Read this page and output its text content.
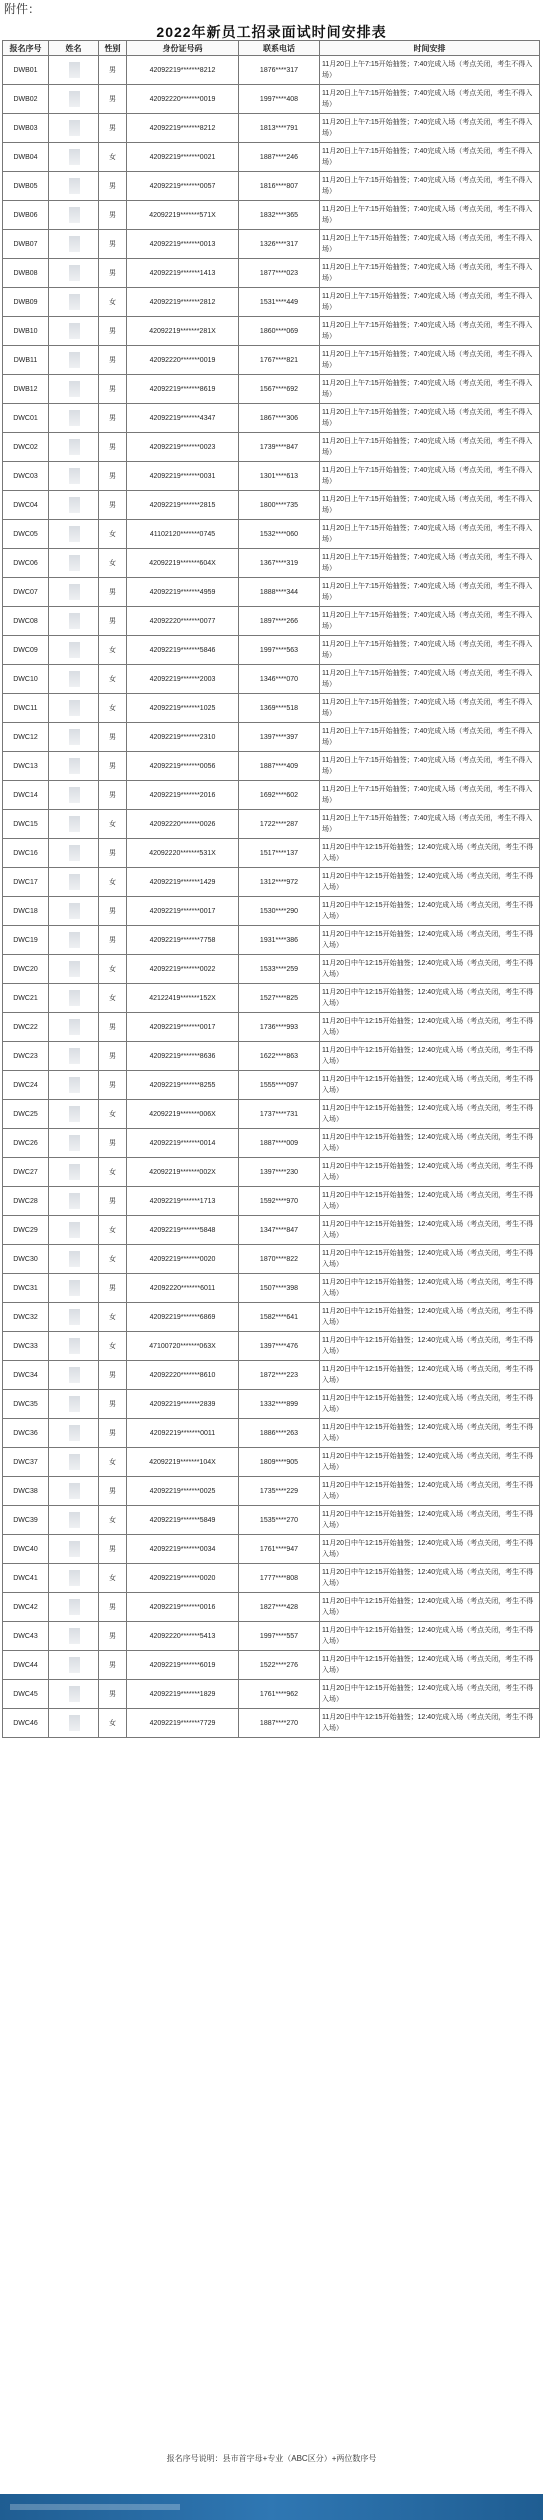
附件：
2022年新员工招录面试时间安排表
报名序号	姓名	性别	身份证号码	联系电话	时间安排
DWB01		男	42092219*******8212	1876****317	11月20日上午7:15开始抽签；7:40完成入场（考点关闭，考生不得入场）
DWB02		男	42092220*******0019	1997****408	11月20日上午7:15开始抽签；7:40完成入场（考点关闭，考生不得入场）
DWB03		男	42092219*******8212	1813****791	11月20日上午7:15开始抽签；7:40完成入场（考点关闭，考生不得入场）
DWB04		女	42092219*******0021	1887****246	11月20日上午7:15开始抽签；7:40完成入场（考点关闭，考生不得入场）
DWB05		男	42092219*******0057	1816****807	11月20日上午7:15开始抽签；7:40完成入场（考点关闭，考生不得入场）
DWB06		男	42092219*******571X	1832****365	11月20日上午7:15开始抽签；7:40完成入场（考点关闭，考生不得入场）
DWB07		男	42092219*******0013	1326****317	11月20日上午7:15开始抽签；7:40完成入场（考点关闭，考生不得入场）
DWB08		男	42092219*******1413	1877****023	11月20日上午7:15开始抽签；7:40完成入场（考点关闭，考生不得入场）
DWB09		女	42092219*******2812	1531****449	11月20日上午7:15开始抽签；7:40完成入场（考点关闭，考生不得入场）
DWB10		男	42092219*******281X	1860****069	11月20日上午7:15开始抽签；7:40完成入场（考点关闭，考生不得入场）
DWB11		男	42092220*******0019	1767****821	11月20日上午7:15开始抽签；7:40完成入场（考点关闭，考生不得入场）
DWB12		男	42092219*******8619	1567****692	11月20日上午7:15开始抽签；7:40完成入场（考点关闭，考生不得入场）
DWC01		男	42092219*******4347	1867****306	11月20日上午7:15开始抽签；7:40完成入场（考点关闭，考生不得入场）
DWC02		男	42092219*******0023	1739****847	11月20日上午7:15开始抽签；7:40完成入场（考点关闭，考生不得入场）
DWC03		男	42092219*******0031	1301****613	11月20日上午7:15开始抽签；7:40完成入场（考点关闭，考生不得入场）
DWC04		男	42092219*******2815	1800****735	11月20日上午7:15开始抽签；7:40完成入场（考点关闭，考生不得入场）
DWC05		女	41102120*******0745	1532****060	11月20日上午7:15开始抽签；7:40完成入场（考点关闭，考生不得入场）
DWC06		女	42092219*******604X	1367****319	11月20日上午7:15开始抽签；7:40完成入场（考点关闭，考生不得入场）
DWC07		男	42092219*******4959	1888****344	11月20日上午7:15开始抽签；7:40完成入场（考点关闭，考生不得入场）
DWC08		男	42092220*******0077	1897****266	11月20日上午7:15开始抽签；7:40完成入场（考点关闭，考生不得入场）
DWC09		女	42092219*******5846	1997****563	11月20日上午7:15开始抽签；7:40完成入场（考点关闭，考生不得入场）
DWC10		女	42092219*******2003	1346****070	11月20日上午7:15开始抽签；7:40完成入场（考点关闭，考生不得入场）
DWC11		女	42092219*******1025	1369****518	11月20日上午7:15开始抽签；7:40完成入场（考点关闭，考生不得入场）
DWC12		男	42092219*******2310	1397****397	11月20日上午7:15开始抽签；7:40完成入场（考点关闭，考生不得入场）
DWC13		男	42092219*******0056	1887****409	11月20日上午7:15开始抽签；7:40完成入场（考点关闭，考生不得入场）
DWC14		男	42092219*******2016	1692****602	11月20日上午7:15开始抽签；7:40完成入场（考点关闭，考生不得入场）
DWC15		女	42092220*******0026	1722****287	11月20日上午7:15开始抽签；7:40完成入场（考点关闭，考生不得入场）
DWC16		男	42092220*******531X	1517****137	11月20日中午12:15开始抽签；12:40完成入场（考点关闭，考生不得入场）
DWC17		女	42092219*******1429	1312****972	11月20日中午12:15开始抽签；12:40完成入场（考点关闭，考生不得入场）
DWC18		男	42092219*******0017	1530****290	11月20日中午12:15开始抽签；12:40完成入场（考点关闭，考生不得入场）
DWC19		男	42092219*******7758	1931****386	11月20日中午12:15开始抽签；12:40完成入场（考点关闭，考生不得入场）
DWC20		女	42092219*******0022	1533****259	11月20日中午12:15开始抽签；12:40完成入场（考点关闭，考生不得入场）
DWC21		女	42122419*******152X	1527****825	11月20日中午12:15开始抽签；12:40完成入场（考点关闭，考生不得入场）
DWC22		男	42092219*******0017	1736****993	11月20日中午12:15开始抽签；12:40完成入场（考点关闭，考生不得入场）
DWC23		男	42092219*******8636	1622****863	11月20日中午12:15开始抽签；12:40完成入场（考点关闭，考生不得入场）
DWC24		男	42092219*******8255	1555****097	11月20日中午12:15开始抽签；12:40完成入场（考点关闭，考生不得入场）
DWC25		女	42092219*******006X	1737****731	11月20日中午12:15开始抽签；12:40完成入场（考点关闭，考生不得入场）
DWC26		男	42092219*******0014	1887****009	11月20日中午12:15开始抽签；12:40完成入场（考点关闭，考生不得入场）
DWC27		女	42092219*******002X	1397****230	11月20日中午12:15开始抽签；12:40完成入场（考点关闭，考生不得入场）
DWC28		男	42092219*******1713	1592****970	11月20日中午12:15开始抽签；12:40完成入场（考点关闭，考生不得入场）
DWC29		女	42092219*******5848	1347****847	11月20日中午12:15开始抽签；12:40完成入场（考点关闭，考生不得入场）
DWC30		女	42092219*******0020	1870****822	11月20日中午12:15开始抽签；12:40完成入场（考点关闭，考生不得入场）
DWC31		男	42092220*******6011	1507****398	11月20日中午12:15开始抽签；12:40完成入场（考点关闭，考生不得入场）
DWC32		女	42092219*******6869	1582****641	11月20日中午12:15开始抽签；12:40完成入场（考点关闭，考生不得入场）
DWC33		女	47100720*******063X	1397****476	11月20日中午12:15开始抽签；12:40完成入场（考点关闭，考生不得入场）
DWC34		男	42092220*******8610	1872****223	11月20日中午12:15开始抽签；12:40完成入场（考点关闭，考生不得入场）
DWC35		男	42092219*******2839	1332****899	11月20日中午12:15开始抽签；12:40完成入场（考点关闭，考生不得入场）
DWC36		男	42092219*******0011	1886****263	11月20日中午12:15开始抽签；12:40完成入场（考点关闭，考生不得入场）
DWC37		女	42092219*******104X	1809****905	11月20日中午12:15开始抽签；12:40完成入场（考点关闭，考生不得入场）
DWC38		男	42092219*******0025	1735****229	11月20日中午12:15开始抽签；12:40完成入场（考点关闭，考生不得入场）
DWC39		女	42092219*******5849	1535****270	11月20日中午12:15开始抽签；12:40完成入场（考点关闭，考生不得入场）
DWC40		男	42092219*******0034	1761****947	11月20日中午12:15开始抽签；12:40完成入场（考点关闭，考生不得入场）
DWC41		女	42092219*******0020	1777****808	11月20日中午12:15开始抽签；12:40完成入场（考点关闭，考生不得入场）
DWC42		男	42092219*******0016	1827****428	11月20日中午12:15开始抽签；12:40完成入场（考点关闭，考生不得入场）
DWC43		男	42092220*******5413	1997****557	11月20日中午12:15开始抽签；12:40完成入场（考点关闭，考生不得入场）
DWC44		男	42092219*******6019	1522****276	11月20日中午12:15开始抽签；12:40完成入场（考点关闭，考生不得入场）
DWC45		男	42092219*******1829	1761****962	11月20日中午12:15开始抽签；12:40完成入场（考点关闭，考生不得入场）
DWC46		女	42092219*******7729	1887****270	11月20日中午12:15开始抽签；12:40完成入场（考点关闭，考生不得入场）
报名序号说明：县市首字母+专业（ABC区分）+两位数序号
